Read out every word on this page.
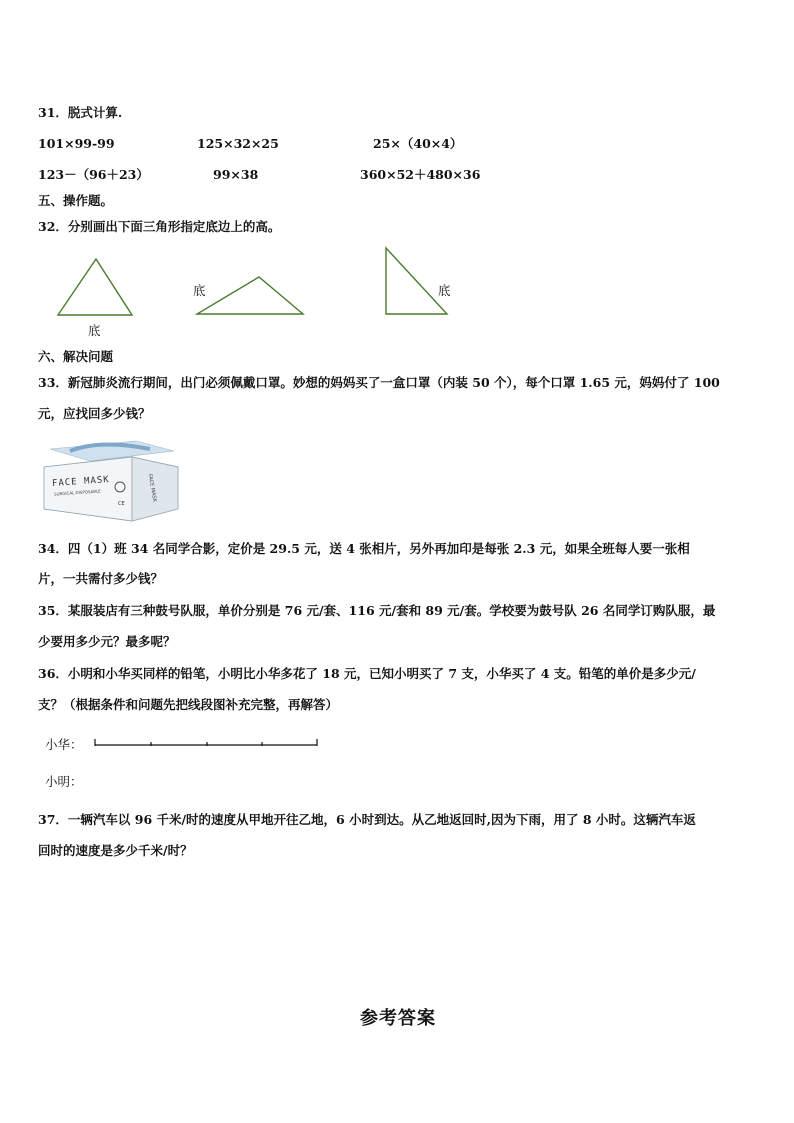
31．脱式计算.
101×99-99	125×32×25	25×（40×4）
123－（96＋23）	99×38	360×52＋480×36
五、操作题。
32．分别画出下面三角形指定底边上的高。
底
底	底
六、解决问题
33．新冠肺炎流行期间，出门必须佩戴口罩。妙想的妈妈买了一盒口罩（内装 50 个），每个口罩 1.65 元，妈妈付了 100
元，应找回多少钱？
FACE MASK
SURGICAL DISPOSABLE	FACE MASK
CE
34．四（1）班 34 名同学合影，定价是 29.5 元，送 4 张相片，另外再加印是每张 2.3 元，如果全班每人要一张相
片，一共需付多少钱？
35．某服装店有三种鼓号队服，单价分别是 76 元/套、116 元/套和 89 元/套。学校要为鼓号队 26 名同学订购队服，最
少要用多少元？最多呢？
36．小明和小华买同样的铅笔，小明比小华多花了 18 元，已知小明买了 7 支，小华买了 4 支。铅笔的单价是多少元/
支？（根据条件和问题先把线段图补充完整，再解答）
小华：
小明：
37．一辆汽车以 96 千米/时的速度从甲地开往乙地，6 小时到达。从乙地返回时,因为下雨，用了 8 小时。这辆汽车返
回时的速度是多少千米/时？
参考答案
